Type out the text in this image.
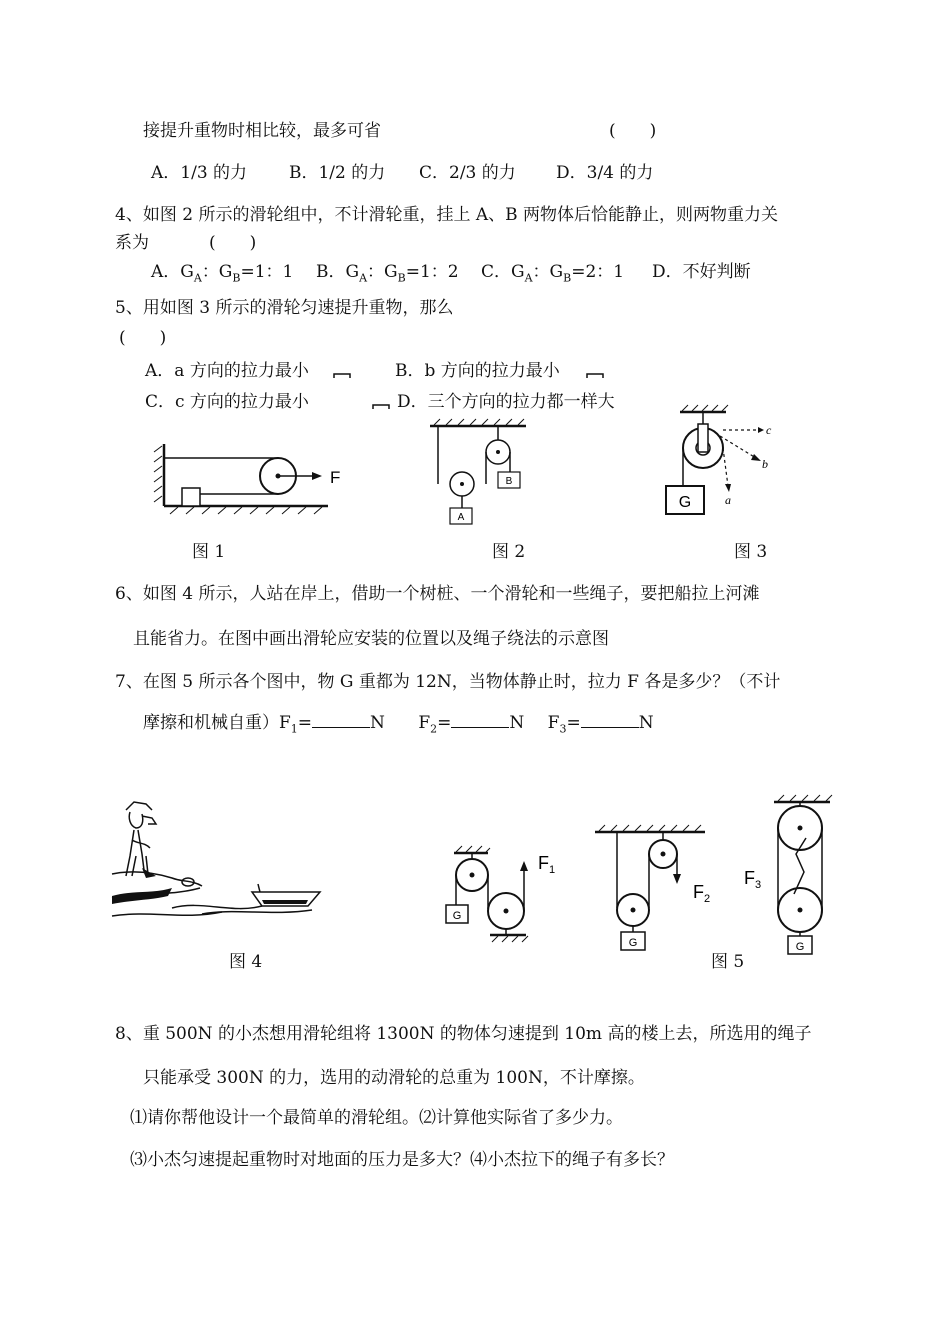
接提升重物时相比较，最多可省	(　　)
A．1/3 的力 B．1/2 的力 C．2/3 的力 D．3/4 的力
4、如图 2 所示的滑轮组中，不计滑轮重，挂上 A、B 两物体后恰能静止，则两物重力关
系为	(　　)
A．$G_A$：$G_B=1$：1 B．$G_A$：$G_B=1$：2 C．$G_A$：$G_B=2$：1 D．不好判断
5、用如图 3 所示的滑轮匀速提升重物，那么
(　　)
A．a 方向的拉力最小	B．b 方向的拉力最小
C．c 方向的拉力最小	D．三个方向的拉力都一样大
F
图 1
B
A
图 2
G
c
b
a
图 3
6、如图 4 所示，人站在岸上，借助一个树桩、一个滑轮和一些绳子，要把船拉上河滩
且能省力。在图中画出滑轮应安装的位置以及绳子绕法的示意图
7、在图 5 所示各个图中，物 G 重都为 12N，当物体静止时，拉力 F 各是多少？（不计
摩擦和机械自重）$F_1=$	N $F_2=$	N $F_3=$	N
图 4
G
$F_1$
G
$F_2$
G
$F_3$
图 5
8、重 500N 的小杰想用滑轮组将 1300N 的物体匀速提到 10m 高的楼上去，所选用的绳子
只能承受 300N 的力，选用的动滑轮的总重为 100N，不计摩擦。
⑴请你帮他设计一个最简单的滑轮组。⑵计算他实际省了多少力。
⑶小杰匀速提起重物时对地面的压力是多大？⑷小杰拉下的绳子有多长？
